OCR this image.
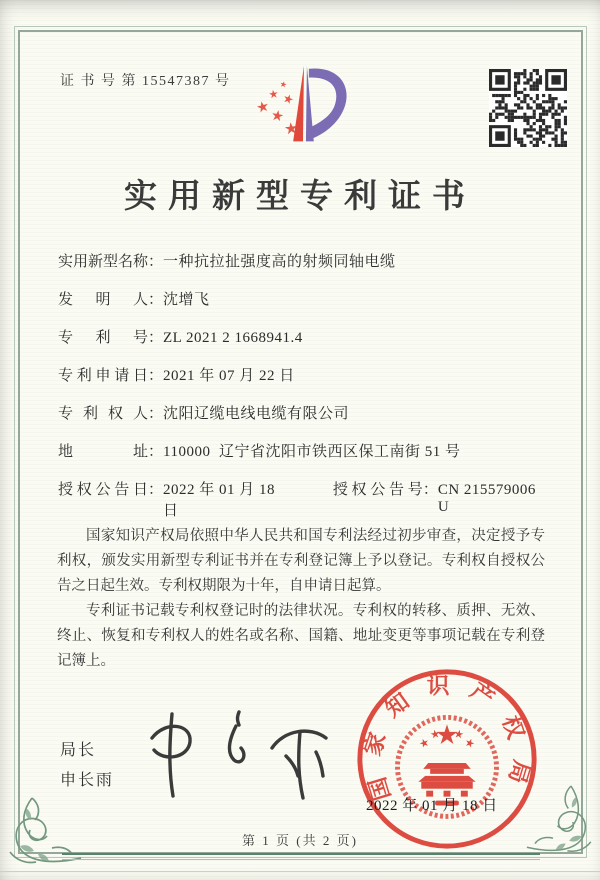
证 书 号 第 15547387 号
实用新型专利证书
实用新型名称 ： 一种抗拉扯强度高的射频同轴电缆
发明人 ： 沈增飞
专利号 ： ZL 2021 2 1668941.4
专利申请日 ： 2021 年 07 月 22 日
专利权人 ： 沈阳辽缆电线电缆有限公司
地址 ： 110000  辽宁省沈阳市铁西区保工南街 51 号
授权公告日 ： 2022 年 01 月 18 日
授权公告号 ： CN 215579006 U

国家知识产权局依照中华人民共和国专利法经过初步审查，决定授予专利权，颁发实用新型专利证书并在专利登记簿上予以登记。专利权自授权公告之日起生效。专利权期限为十年，自申请日起算。

专利证书记载专利权登记时的法律状况。专利权的转移、质押、无效、终止、恢复和专利权人的姓名或名称、国籍、地址变更等事项记载在专利登记簿上。

局长
申长雨	国家知识产权局
2022 年 01 月 18 日
第 1 页 (共 2 页)
